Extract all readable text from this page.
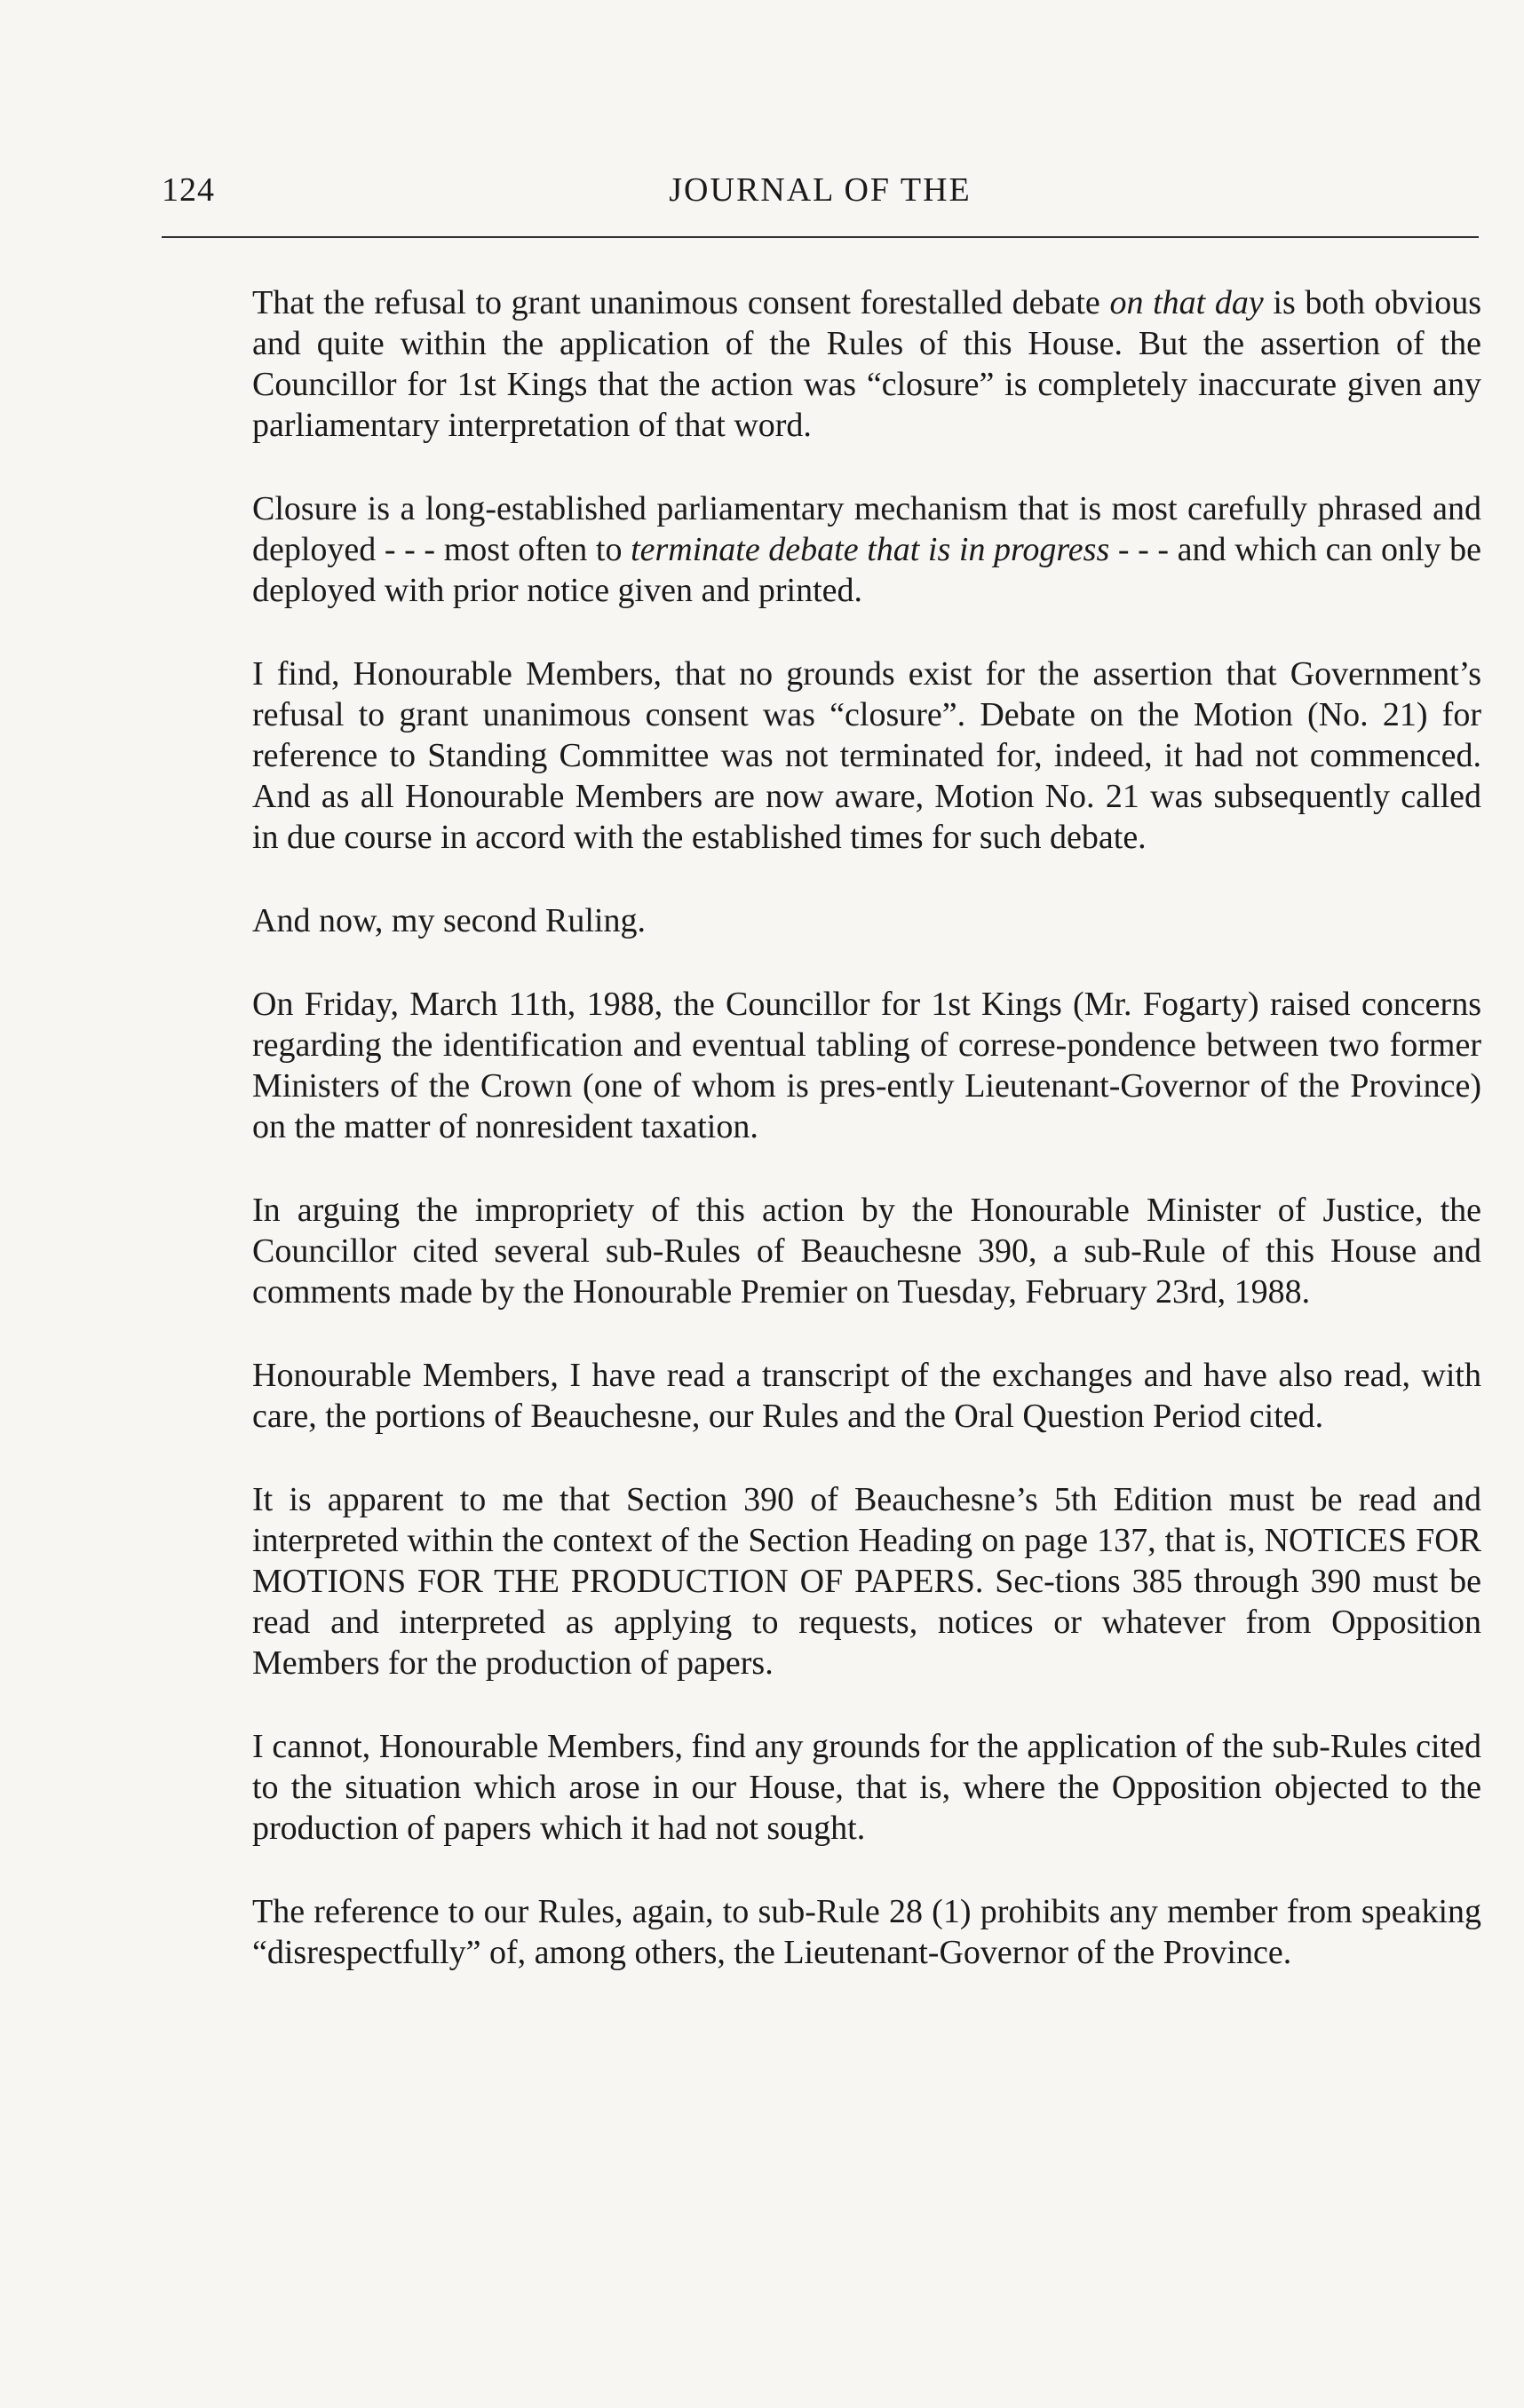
124	JOURNAL OF THE

That the refusal to grant unanimous consent forestalled debate on that day is both obvious and quite within the application of the Rules of this House. But the assertion of the Councillor for 1st Kings that the action was “closure” is completely inaccurate given any parliamentary interpretation of that word.

Closure is a long-established parliamentary mechanism that is most carefully phrased and deployed - - - most often to terminate debate that is in progress - - - and which can only be deployed with prior notice given and printed.

I find, Honourable Members, that no grounds exist for the assertion that Government’s refusal to grant unanimous consent was “closure”. Debate on the Motion (No. 21) for reference to Standing Committee was not terminated for, indeed, it had not commenced. And as all Honourable Members are now aware, Motion No. 21 was subsequently called in due course in accord with the established times for such debate.

And now, my second Ruling.

On Friday, March 11th, 1988, the Councillor for 1st Kings (Mr. Fogarty) raised concerns regarding the identification and eventual tabling of correse-pondence between two former Ministers of the Crown (one of whom is pres-ently Lieutenant-Governor of the Province) on the matter of nonresident taxation.

In arguing the impropriety of this action by the Honourable Minister of Justice, the Councillor cited several sub-Rules of Beauchesne 390, a sub-Rule of this House and comments made by the Honourable Premier on Tuesday, February 23rd, 1988.

Honourable Members, I have read a transcript of the exchanges and have also read, with care, the portions of Beauchesne, our Rules and the Oral Question Period cited.

It is apparent to me that Section 390 of Beauchesne’s 5th Edition must be read and interpreted within the context of the Section Heading on page 137, that is, NOTICES FOR MOTIONS FOR THE PRODUCTION OF PAPERS. Sec-tions 385 through 390 must be read and interpreted as applying to requests, notices or whatever from Opposition Members for the production of papers.

I cannot, Honourable Members, find any grounds for the application of the sub-Rules cited to the situation which arose in our House, that is, where the Opposition objected to the production of papers which it had not sought.

The reference to our Rules, again, to sub-Rule 28 (1) prohibits any member from speaking “disrespectfully” of, among others, the Lieutenant-Governor of the Province.
